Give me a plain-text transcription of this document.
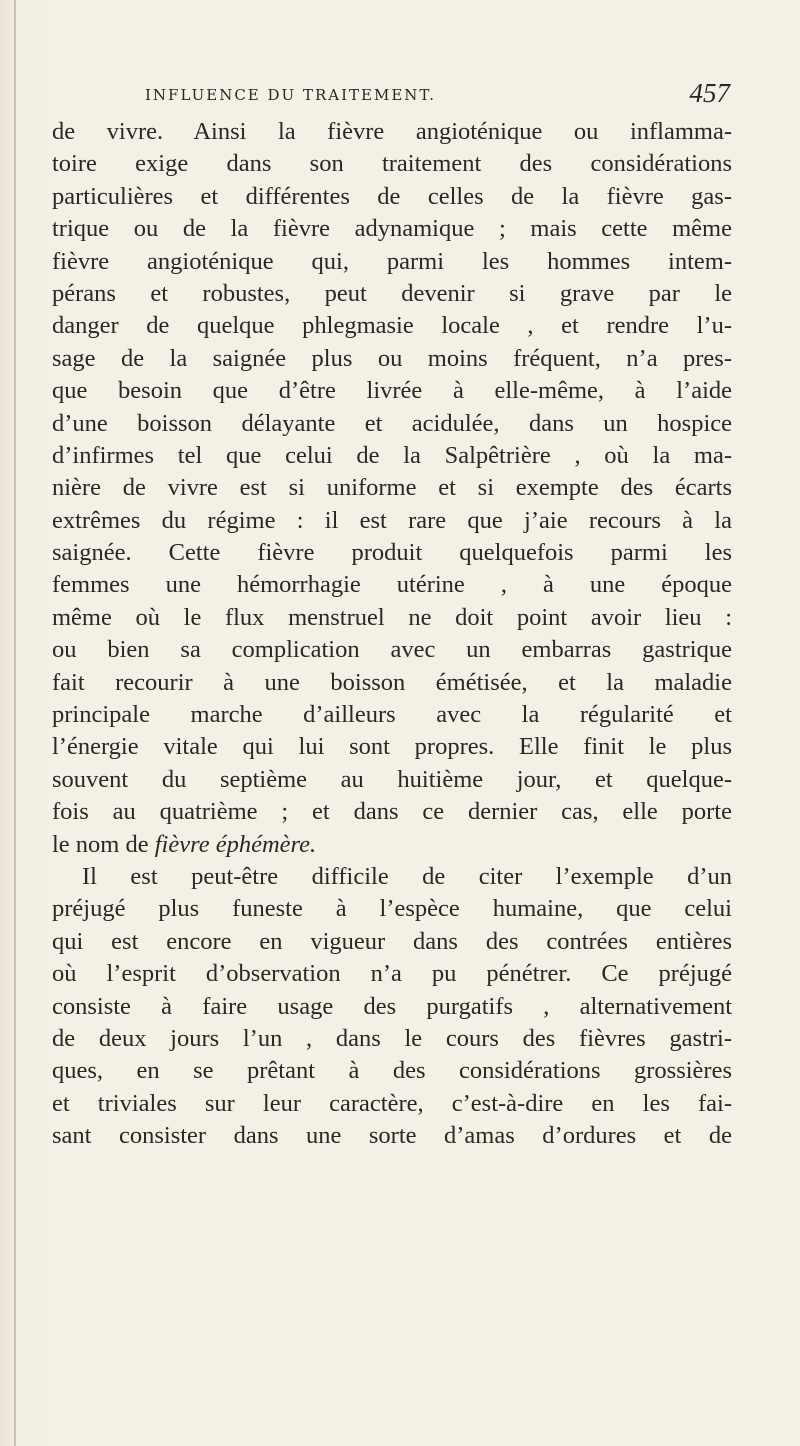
INFLUENCE DU TRAITEMENT.	457
de vivre. Ainsi la fièvre angioténique ou inflamma-
toire exige dans son traitement des considérations
particulières et différentes de celles de la fièvre gas-
trique ou de la fièvre adynamique ; mais cette même
fièvre angioténique qui, parmi les hommes intem-
pérans et robustes, peut devenir si grave par le
danger de quelque phlegmasie locale , et rendre l’u-
sage de la saignée plus ou moins fréquent, n’a pres-
que besoin que d’être livrée à elle-même, à l’aide
d’une boisson délayante et acidulée, dans un hospice
d’infirmes tel que celui de la Salpêtrière , où la ma-
nière de vivre est si uniforme et si exempte des écarts
extrêmes du régime : il est rare que j’aie recours à la
saignée. Cette fièvre produit quelquefois parmi les
femmes une hémorrhagie utérine , à une époque
même où le flux menstruel ne doit point avoir lieu :
ou bien sa complication avec un embarras gastrique
fait recourir à une boisson émétisée, et la maladie
principale marche d’ailleurs avec la régularité et
l’énergie vitale qui lui sont propres. Elle finit le plus
souvent du septième au huitième jour, et quelque-
fois au quatrième ; et dans ce dernier cas, elle porte
le nom de fièvre éphémère.
Il est peut-être difficile de citer l’exemple d’un
préjugé plus funeste à l’espèce humaine, que celui
qui est encore en vigueur dans des contrées entières
où l’esprit d’observation n’a pu pénétrer. Ce préjugé
consiste à faire usage des purgatifs , alternativement
de deux jours l’un , dans le cours des fièvres gastri-
ques, en se prêtant à des considérations grossières
et triviales sur leur caractère, c’est-à-dire en les fai-
sant consister dans une sorte d’amas d’ordures et de
